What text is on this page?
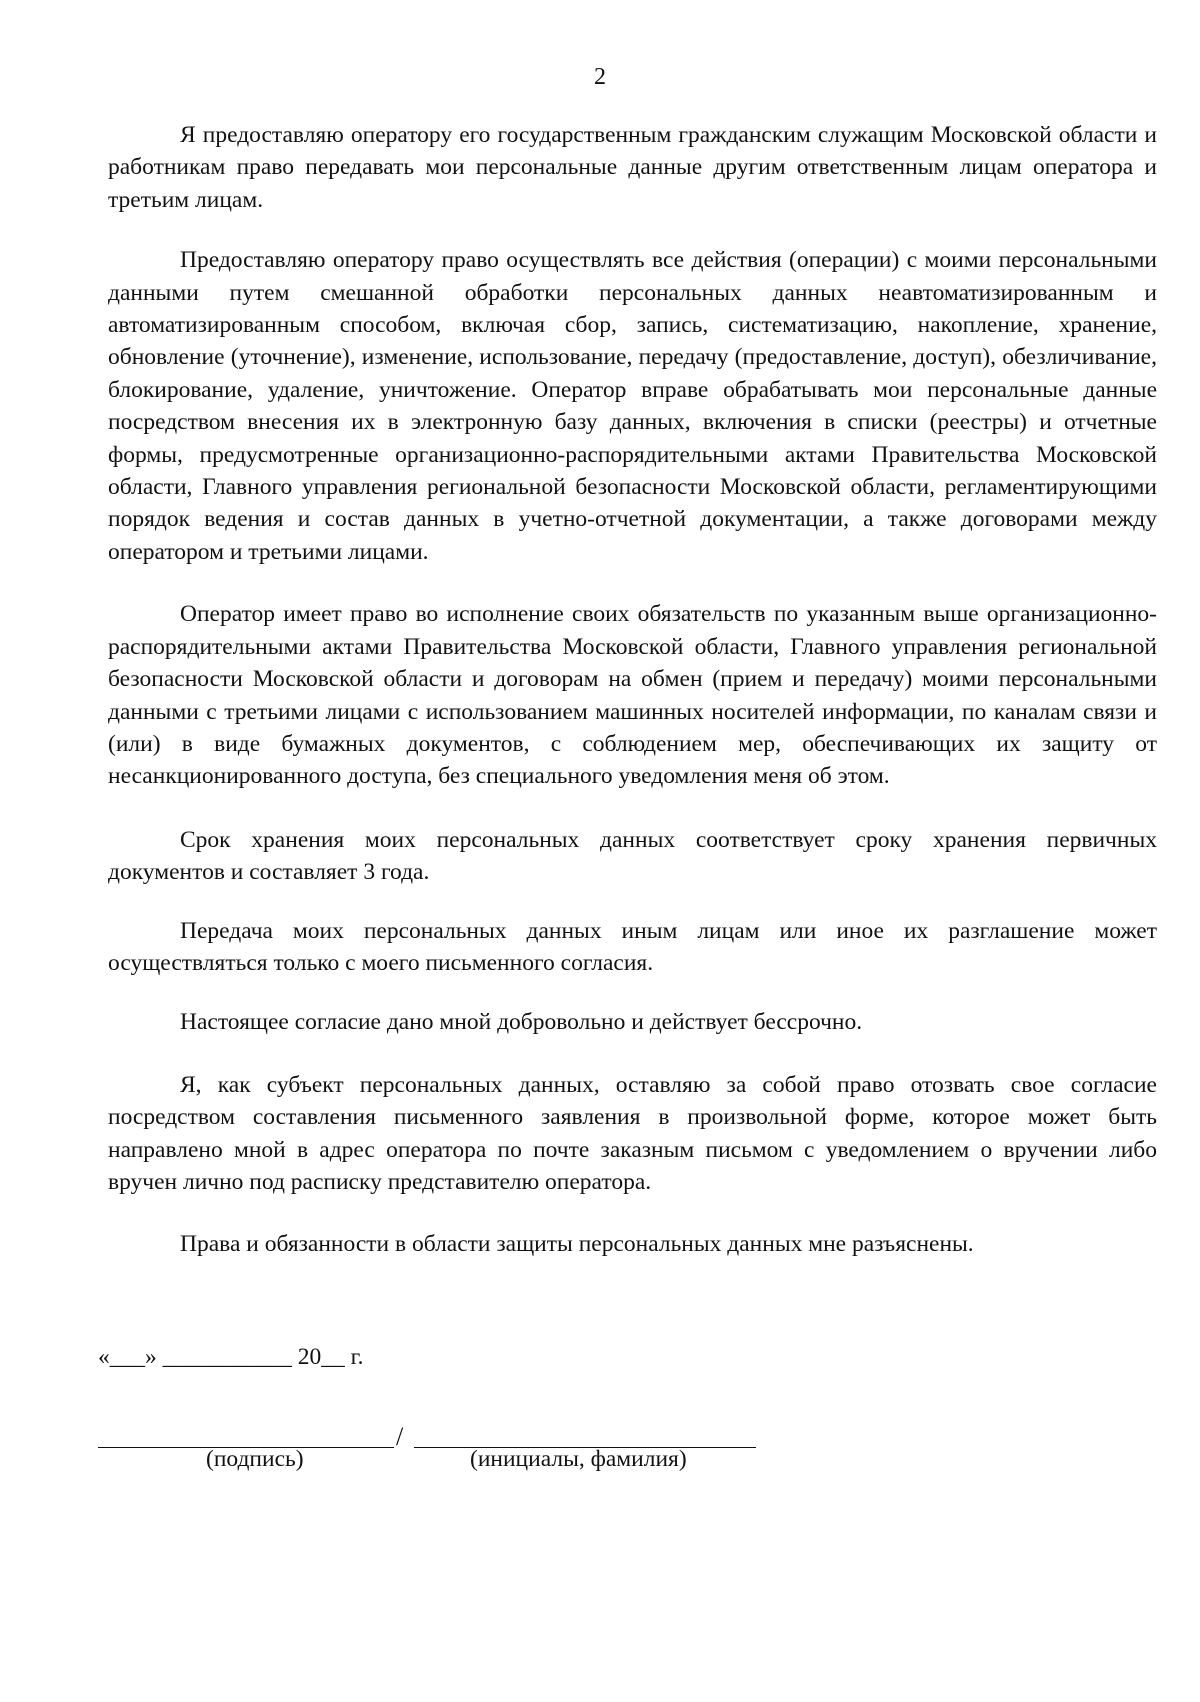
2

Я предоставляю оператору его государственным гражданским служащим Московской области и работникам право передавать мои персональные данные другим ответственным лицам оператора и третьим лицам.

Предоставляю оператору право осуществлять все действия (операции) с моими персональными данными путем смешанной обработки персональных данных неавтоматизированным и автоматизированным способом, включая сбор, запись, систематизацию, накопление, хранение, обновление (уточнение), изменение, использование, передачу (предоставление, доступ), обезличивание, блокирование, удаление, уничтожение. Оператор вправе обрабатывать мои персональные данные посредством внесения их в электронную базу данных, включения в списки (реестры) и отчетные формы, предусмотренные организационно-распорядительными актами Правительства Московской области, Главного управления региональной безопасности Московской области, регламентирующими порядок ведения и состав данных в учетно-отчетной документации, а также договорами между оператором и третьими лицами.

Оператор имеет право во исполнение своих обязательств по указанным выше организационно-распорядительными актами Правительства Московской области, Главного управления региональной безопасности Московской области и договорам на обмен (прием и передачу) моими персональными данными с третьими лицами с использованием машинных носителей информации, по каналам связи и (или) в виде бумажных документов, с соблюдением мер, обеспечивающих их защиту от несанкционированного доступа, без специального уведомления меня об этом.

Срок хранения моих персональных данных соответствует сроку хранения первичных документов и составляет 3 года.

Передача моих персональных данных иным лицам или иное их разглашение может осуществляться только с моего письменного согласия.

Настоящее согласие дано мной добровольно и действует бессрочно.

Я, как субъект персональных данных, оставляю за собой право отозвать свое согласие посредством составления письменного заявления в произвольной форме, которое может быть направлено мной в адрес оператора по почте заказным письмом с уведомлением о вручении либо вручен лично под расписку представителю оператора.

Права и обязанности в области защиты персональных данных мне разъяснены.

«___» ___________ 20__ г.
/
(подпись)	(инициалы, фамилия)
